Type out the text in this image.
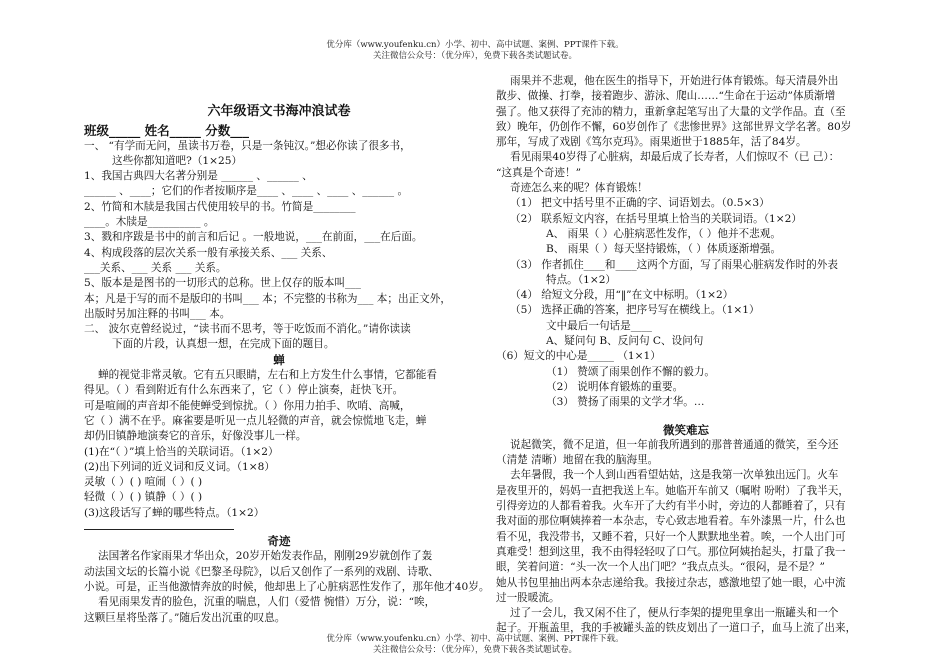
优分库（www.youfenku.cn）小学、初中、高中试题、案例、PPT课件下载。
关注微信公众号：（优分库），免费下载各类试题试卷。

六年级语文书海冲浪试卷

班级_____ 姓名_____ 分数___

一、 “有学而无问，虽读书万卷，只是一条钝汉。”想必你读了很多书，

这些你都知道吧?（1×25）

1、我国古典四大名著分别是 ______ 、______ 、

______ 、____；它们的作者按顺序是____ 、____ 、____ 、______ 。

2、竹简和木牍是我国古代使用较早的书。竹简是________

____。木牍是__________ 。

3、戮和序跋是书中的前言和后记 。一般地说，___在前面，___在后面。

4、构成段落的层次关系一般有承接关系、___ 关系、

___关系、___ 关系 ___ 关系。

5、版本是是图书的一切形式的总称。世上仅存的版本叫___

本；凡是于写的而不是版印的书叫___ 本；不完整的书称为___ 本；出正文外，

出版时另加注释的书叫___ 本。

二、 波尔克曾经说过，“读书而不思考，等于吃饭而不消化。”请你读读

下面的片段，认真想一想，在完成下面的题目。

蝉

蝉的视觉非常灵敏。它有五只眼睛，左右和上方发生什么事情，它都能看

得见。（ ）看到附近有什么东西来了，它（ ）停止演奏，赶快飞开。

可是喧闹的声音却不能使蝉受到惊扰。（ ）你用力拍手、吹哨、高喊，

它（ ）满不在乎。麻雀要是听见一点儿轻微的声音，就会惊慌地飞走，蝉

却仍旧镇静地演奏它的音乐，好像没事儿一样。

(1)在“（ ）”填上恰当的关联词语。（1×2）

(2)出下列词的近义词和反义词。（1×8）

灵敏（ ）( ) 喧闹（ ）( )

轻微（ ）( ) 镇静（ ）( )

(3)这段话写了蝉的哪些特点。（1×2）

奇迹

法国著名作家雨果才华出众，20岁开始发表作品，刚刚29岁就创作了轰

动法国文坛的长篇小说《巴黎圣母院》，以后又创作了一系列的戏剧、诗歌、

小说。可是，正当他激情奔放的时候，他却患上了心脏病恶性发作了，那年他才40岁。

看见雨果发青的脸色，沉重的喘息，人们（爱惜 惋惜）万分，说：“唉，

这颗巨星将坠落了。”随后发出沉重的叹息。

雨果并不悲观，他在医生的指导下，开始进行体育锻炼。每天清晨外出

散步、做操、打拳，接着跑步、游泳、爬山……“生命在于运动”体质渐增

强了。他又获得了充沛的精力，重新拿起笔写出了大量的文学作品。直（至

致）晚年，仍创作不懈，60岁创作了《悲惨世界》这部世界文学名著。80岁

那年，写成了戏剧《笃尔克玛》。雨果逝世于1885年，活了84岁。

看见雨果40岁得了心脏病，却最后成了长寿者，人们惊叹不（已 己）：

“这真是个奇迹！”

奇迹怎么来的呢？体育锻炼！

（1） 把文中括号里不正确的字、词语划去。（0.5×3）

（2） 联系短文内容，在括号里填上恰当的关联词语。（1×2）

A、 雨果（ ）心脏病恶性发作，（ ）他并不悲观。

B、 雨果（ ）每天坚持锻炼，（ ）体质逐渐增强。

（3） 作者抓住____和____这两个方面，写了雨果心脏病发作时的外表

特点。（1×2）

（4） 给短文分段，用“‖”在文中标明。（1×2）

（5） 选择正确的答案，把序号写在横线上。（1×1）

文中最后一句话是____

A、疑问句 B、反问句 C、设问句

（6）短文的中心是_____ （1×1）

（1） 赞颂了雨果创作不懈的毅力。

（2） 说明体育锻炼的重要。

（3） 赞扬了雨果的文学才华。…

微笑难忘

说起微笑，微不足道，但一年前我所遇到的那普普通通的微笑，至今还

（清楚 清晰）地留在我的脑海里。

去年暑假，我一个人到山西看望姑姑，这是我第一次单独出远门。火车

是夜里开的，妈妈一直把我送上车。她临开车前又（嘱咐 吩咐）了我半天，

引得旁边的人都看着我。火车开了大约有半小时，旁边的人都睡着了，只有

我对面的那位啊姨捧着一本杂志，专心致志地看着。车外漆黑一片，什么也

看不见，我没带书，又睡不着，只好一个人默默地坐着。唉，一个人出门可

真难受！想到这里，我不由得轻轻叹了口气。那位阿姨抬起头，打量了我一

眼，笑着问道：“头一次一个人出门吧？”我点点头。“很闷，是不是？”

她从书包里抽出两本杂志递给我。我接过杂志，感激地望了她一眼，心中流

过一股暖流。

过了一会儿，我又闲不住了，便从行李架的提兜里拿出一瓶罐头和一个

起子。开瓶盖里，我的手被罐头盖的铁皮划出了一道口子，血马上流了出来，

优分库（www.youfenku.cn）小学、初中、高中试题、案例、PPT课件下载。
关注微信公众号：（优分库），免费下载各类试题试卷。
